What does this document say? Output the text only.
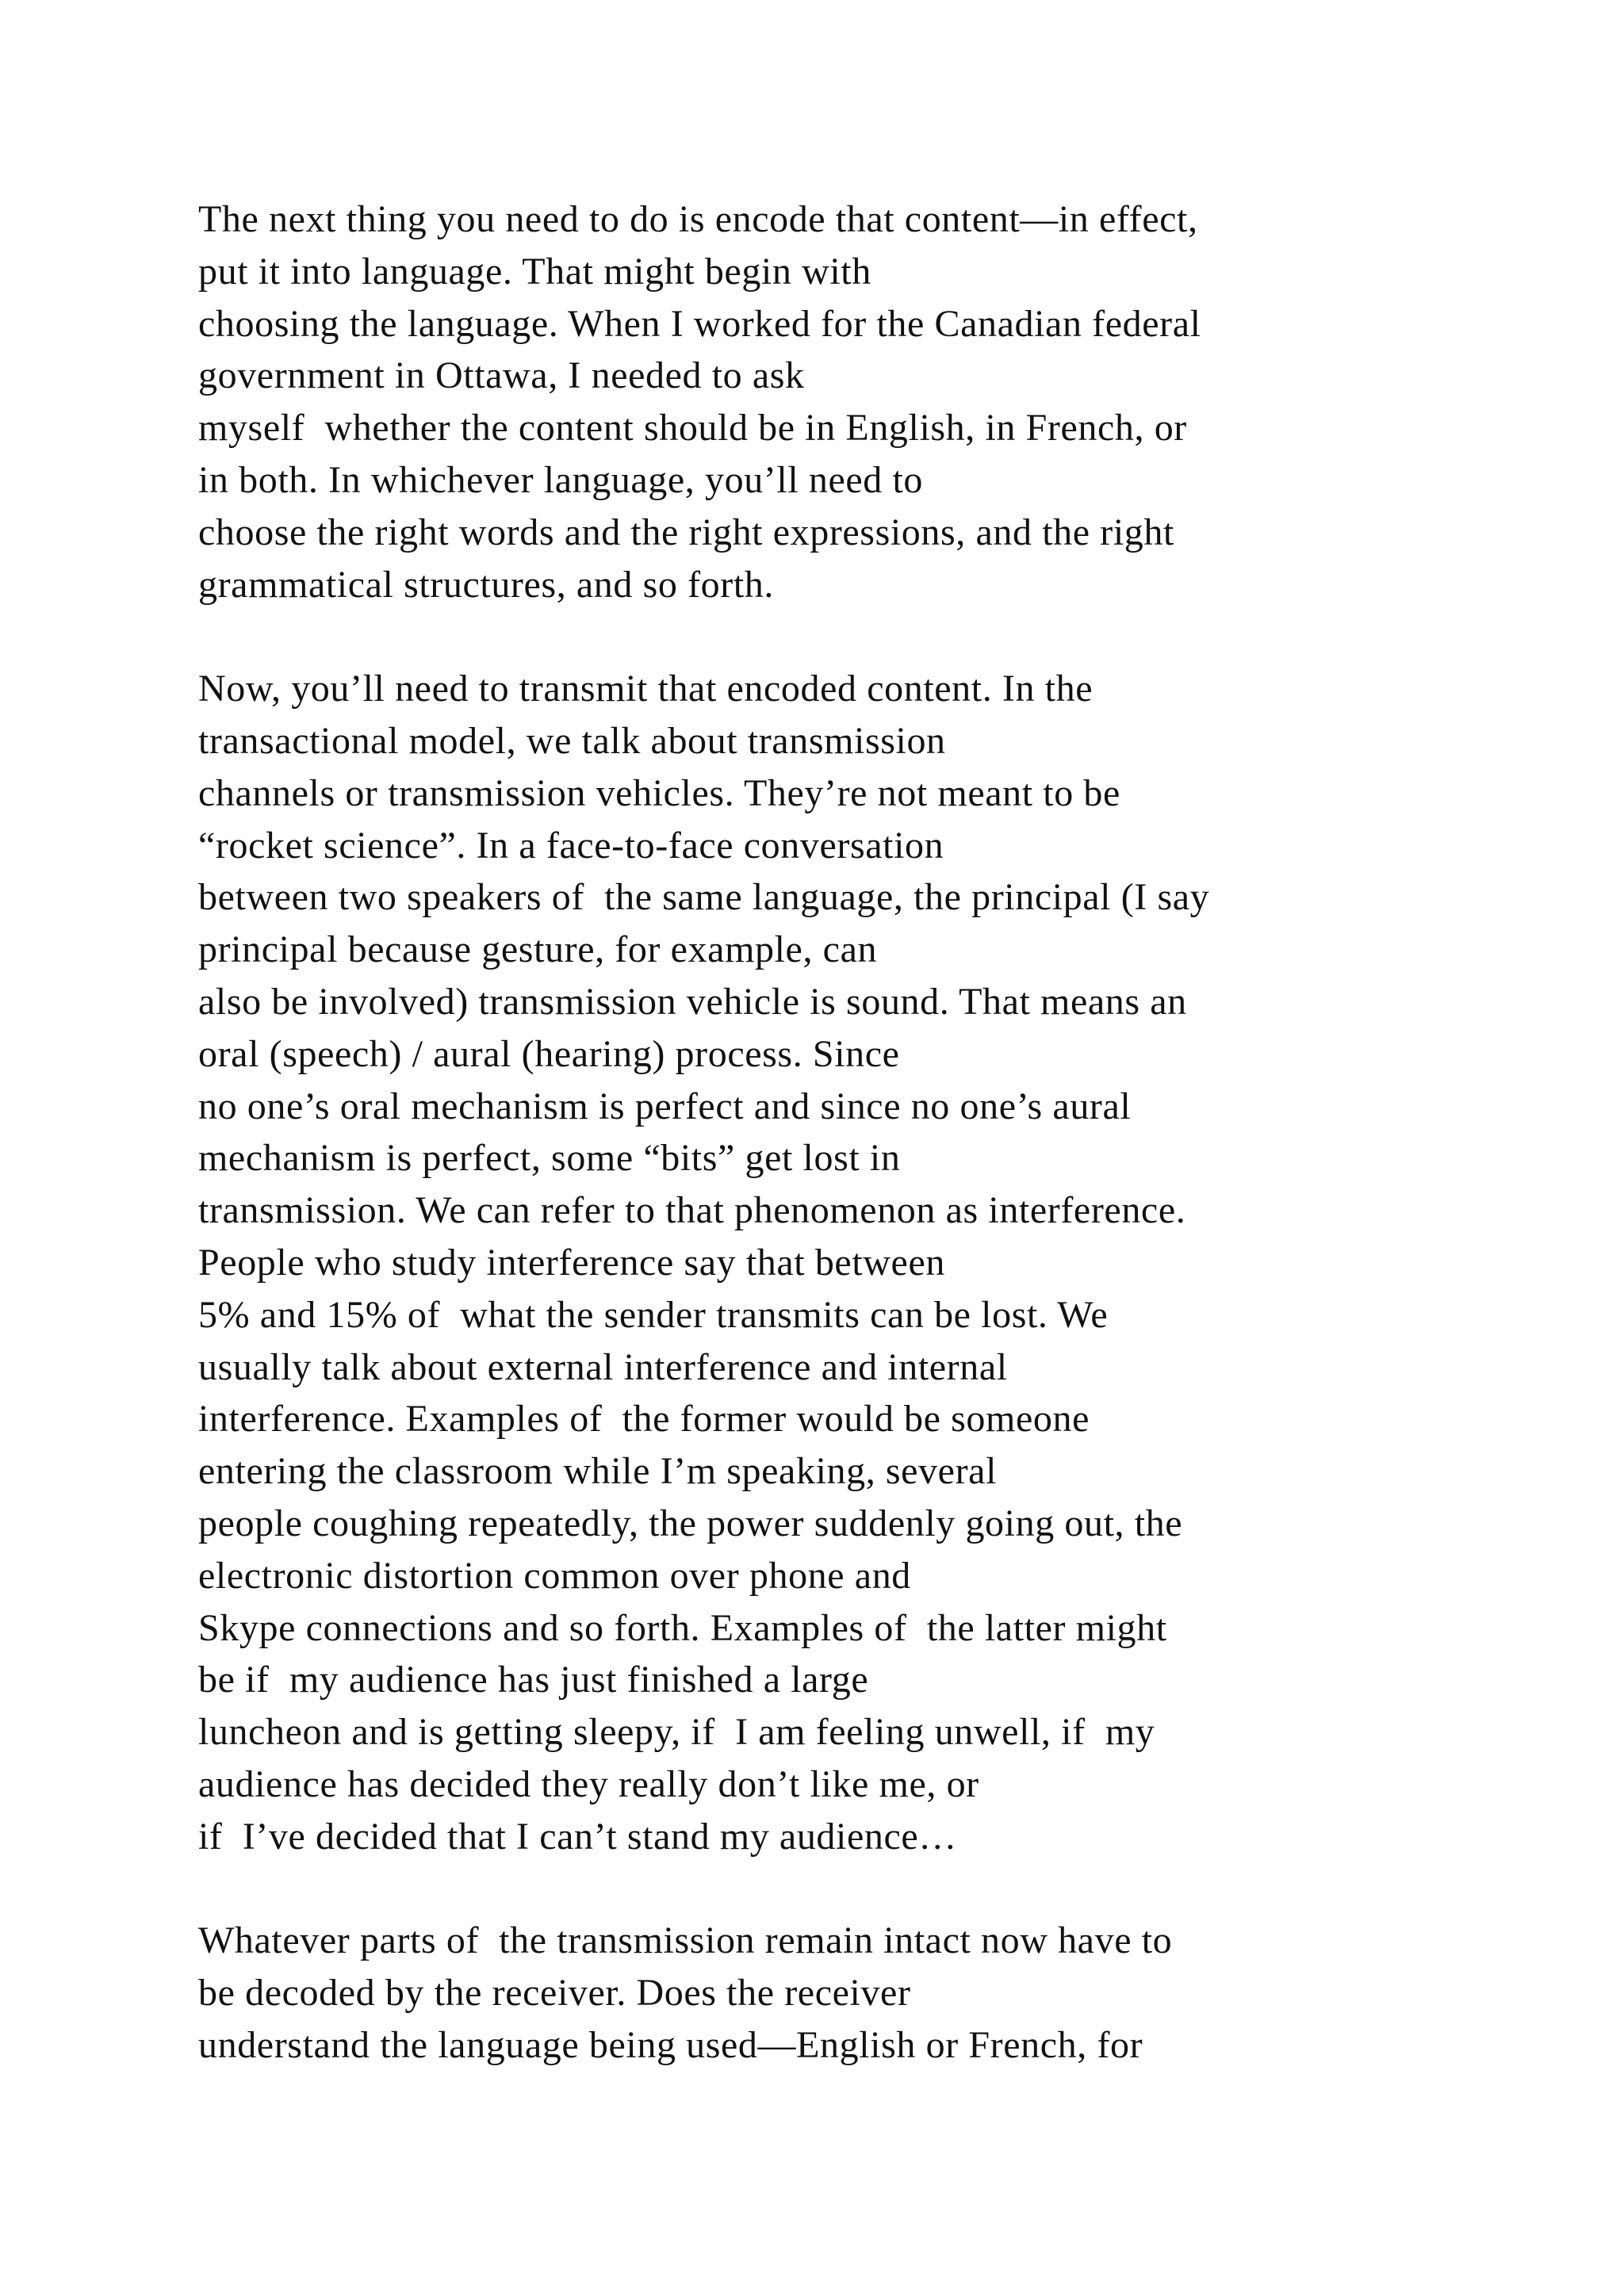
The next thing you need to do is encode that content—in effect,
put it into language. That might begin with
choosing the language. When I worked for the Canadian federal
government in Ottawa, I needed to ask
myself  whether the content should be in English, in French, or
in both. In whichever language, you’ll need to
choose the right words and the right expressions, and the right
grammatical structures, and so forth.
Now, you’ll need to transmit that encoded content. In the
transactional model, we talk about transmission
channels or transmission vehicles. They’re not meant to be
“rocket science”. In a face-to-face conversation
between two speakers of  the same language, the principal (I say
principal because gesture, for example, can
also be involved) transmission vehicle is sound. That means an
oral (speech) / aural (hearing) process. Since
no one’s oral mechanism is perfect and since no one’s aural
mechanism is perfect, some “bits” get lost in
transmission. We can refer to that phenomenon as interference.
People who study interference say that between
5% and 15% of  what the sender transmits can be lost. We
usually talk about external interference and internal
interference. Examples of  the former would be someone
entering the classroom while I’m speaking, several
people coughing repeatedly, the power suddenly going out, the
electronic distortion common over phone and
Skype connections and so forth. Examples of  the latter might
be if  my audience has just finished a large
luncheon and is getting sleepy, if  I am feeling unwell, if  my
audience has decided they really don’t like me, or
if  I’ve decided that I can’t stand my audience…
Whatever parts of  the transmission remain intact now have to
be decoded by the receiver. Does the receiver
understand the language being used—English or French, for
